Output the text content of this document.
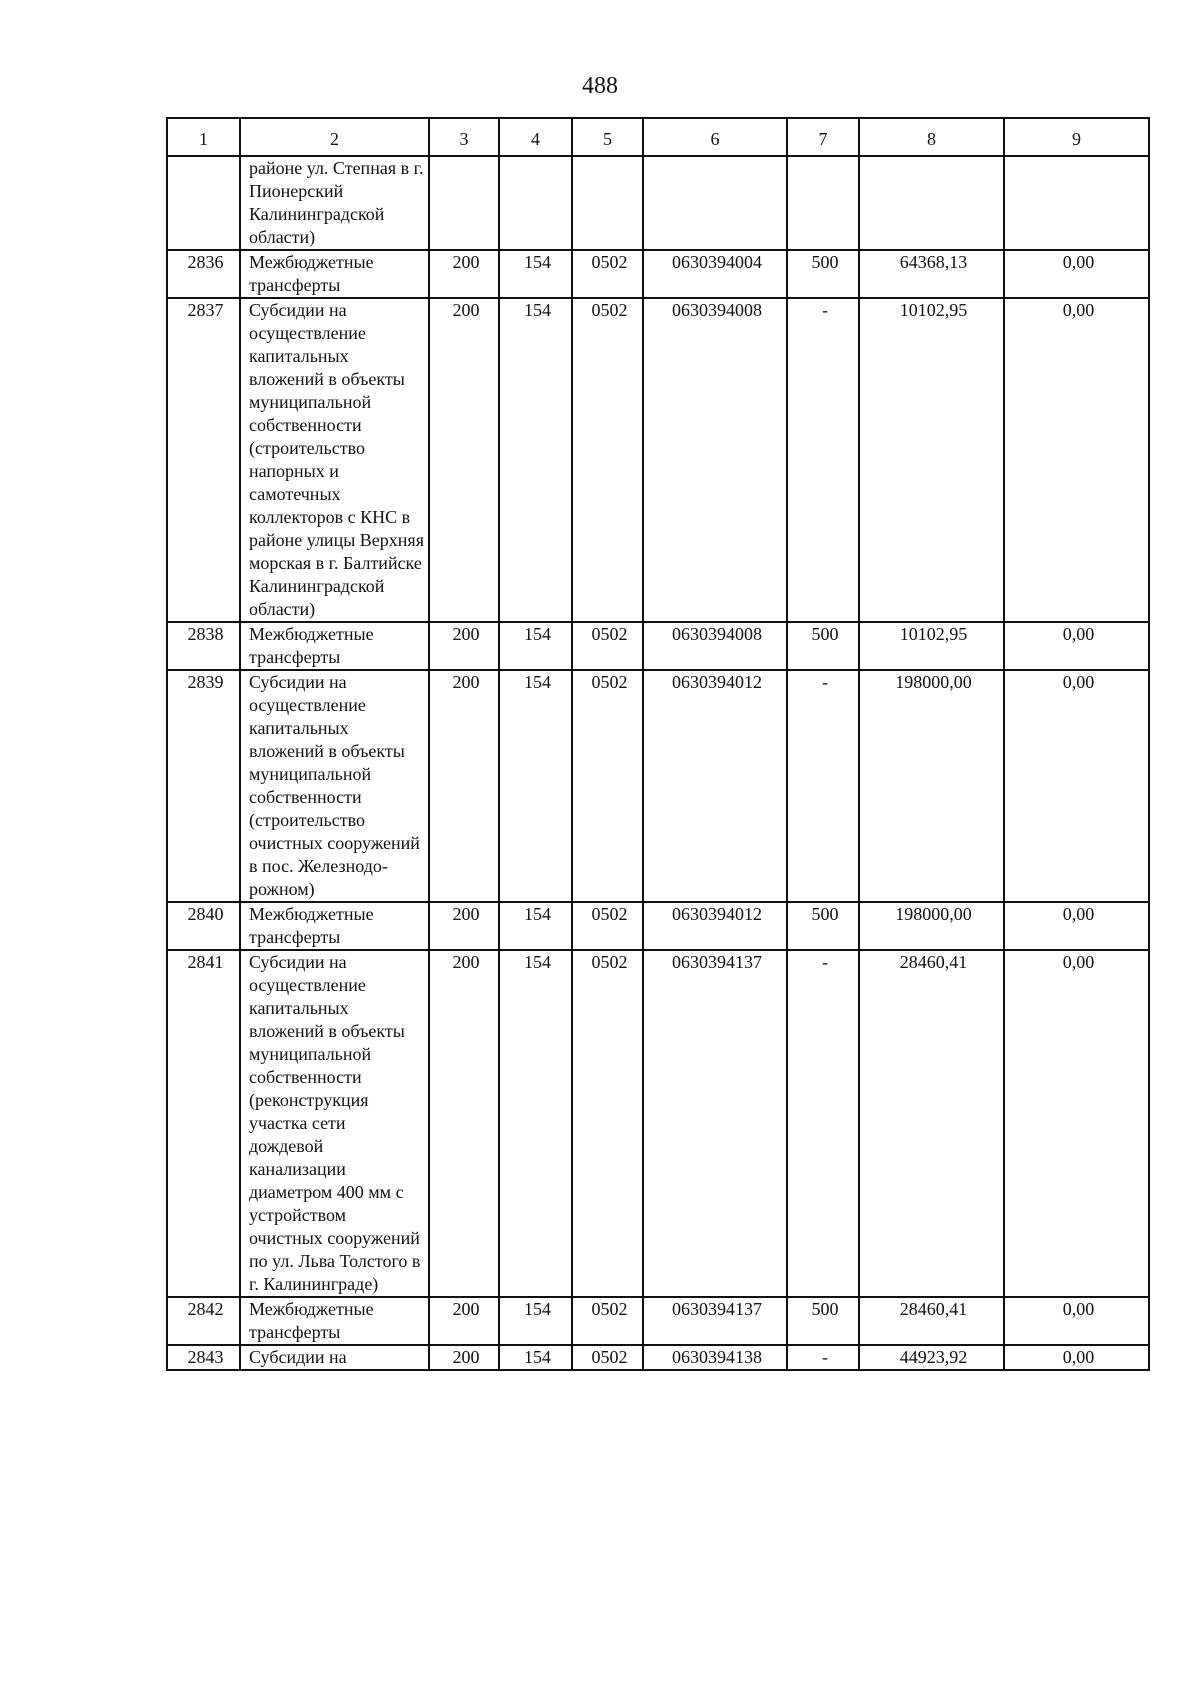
488
1	2	3	4	5	6	7	8	9
	районе ул. Степная в г. Пионерский Калининградской области)							
2836	Межбюджетные трансферты	200	154	0502	0630394004	500	64368,13	0,00
2837	Субсидии на осуществление капитальных вложений в объекты муниципальной собственности (строительство напорных и самотечных коллекторов с КНС в районе улицы Верхняя морская в г. Балтийске Калининградской области)	200	154	0502	0630394008	-	10102,95	0,00
2838	Межбюджетные трансферты	200	154	0502	0630394008	500	10102,95	0,00
2839	Субсидии на осуществление капитальных вложений в объекты муниципальной собственности (строительство очистных сооружений в пос. Железнодо-рожном)	200	154	0502	0630394012	-	198000,00	0,00
2840	Межбюджетные трансферты	200	154	0502	0630394012	500	198000,00	0,00
2841	Субсидии на осуществление капитальных вложений в объекты муниципальной собственности (реконструкция участка сети дождевой канализации диаметром 400 мм с устройством очистных сооружений по ул. Льва Толстого в г. Калининграде)	200	154	0502	0630394137	-	28460,41	0,00
2842	Межбюджетные трансферты	200	154	0502	0630394137	500	28460,41	0,00
2843	Субсидии на	200	154	0502	0630394138	-	44923,92	0,00
